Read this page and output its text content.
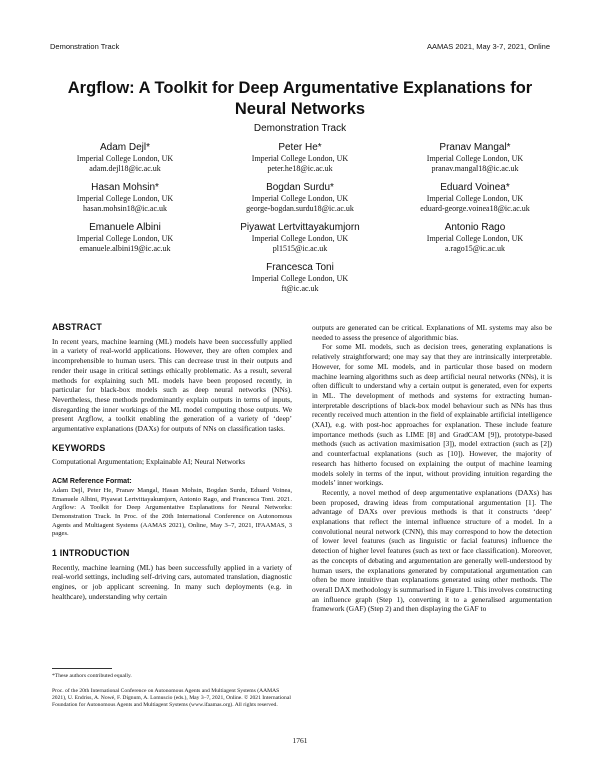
Demonstration Track	AAMAS 2021, May 3-7, 2021, Online
Argflow: A Toolkit for Deep Argumentative Explanations for Neural Networks
Demonstration Track
Adam Dejl*
Imperial College London, UK
adam.dejl18@ic.ac.uk
Peter He*
Imperial College London, UK
peter.he18@ic.ac.uk
Pranav Mangal*
Imperial College London, UK
pranav.mangal18@ic.ac.uk
Hasan Mohsin*
Imperial College London, UK
hasan.mohsin18@ic.ac.uk
Bogdan Surdu*
Imperial College London, UK
george-bogdan.surdu18@ic.ac.uk
Eduard Voinea*
Imperial College London, UK
eduard-george.voinea18@ic.ac.uk
Emanuele Albini
Imperial College London, UK
emanuele.albini19@ic.ac.uk
Piyawat Lertvittayakumjorn
Imperial College London, UK
pl1515@ic.ac.uk
Antonio Rago
Imperial College London, UK
a.rago15@ic.ac.uk
Francesca Toni
Imperial College London, UK
ft@ic.ac.uk
ABSTRACT

In recent years, machine learning (ML) models have been successfully applied in a variety of real-world applications. However, they are often complex and incomprehensible to human users. This can decrease trust in their outputs and render their usage in critical settings ethically problematic. As a result, several methods for explaining such ML models have been proposed recently, in particular for black-box models such as deep neural networks (NNs). Nevertheless, these methods predominantly explain outputs in terms of inputs, disregarding the inner workings of the ML model computing those outputs. We present Argflow, a toolkit enabling the generation of a variety of ‘deep’ argumentative explanations (DAXs) for outputs of NNs on classification tasks.

KEYWORDS

Computational Argumentation; Explainable AI; Neural Networks

ACM Reference Format:

Adam Dejl, Peter He, Pranav Mangal, Hasan Mohsin, Bogdan Surdu, Eduard Voinea, Emanuele Albini, Piyawat Lertvittayakumjorn, Antonio Rago, and Francesca Toni. 2021. Argflow: A Toolkit for Deep Argumentative Explanations for Neural Networks: Demonstration Track. In Proc. of the 20th International Conference on Autonomous Agents and Multiagent Systems (AAMAS 2021), Online, May 3–7, 2021, IFAAMAS, 3 pages.

1 INTRODUCTION

Recently, machine learning (ML) has been successfully applied in a variety of real-world settings, including self-driving cars, automated translation, diagnostic engines, or job applicant screening. In many such deployments (e.g. in healthcare), understanding why certain

*These authors contributed equally.
Proc. of the 20th International Conference on Autonomous Agents and Multiagent Systems (AAMAS 2021), U. Endriss, A. Nowé, F. Dignum, A. Lomuscio (eds.), May 3–7, 2021, Online. © 2021 International Foundation for Autonomous Agents and Multiagent Systems (www.ifaamas.org). All rights reserved.

outputs are generated can be critical. Explanations of ML systems may also be needed to assess the presence of algorithmic bias.

For some ML models, such as decision trees, generating explanations is relatively straightforward; one may say that they are intrinsically interpretable. However, for some ML models, and in particular those based on modern machine learning algorithms such as deep artificial neural networks (NNs), it is often difficult to understand why a certain output is generated, even for experts in ML. The development of methods and systems for extracting human-interpretable descriptions of black-box model behaviour such as NNs has thus recently received much attention in the field of explainable artificial intelligence (XAI), e.g. with post-hoc approaches for explanation. These include feature importance methods (such as LIME [8] and GradCAM [9]), prototype-based methods (such as activation maximisation [3]), model extraction (such as [2]) and counterfactual explanations (such as [10]). However, the majority of research has hitherto focused on explaining the output of machine learning models solely in terms of the input, without providing intuition regarding the models’ inner workings.

Recently, a novel method of deep argumentative explanations (DAXs) has been proposed, drawing ideas from computational argumentation [1]. The advantage of DAXs over previous methods is that it constructs ‘deep’ explanations that reflect the internal influence structure of a model. In a convolutional neural network (CNN), this may correspond to how the detection of lower level features (such as linguistic or facial features) influence the detection of higher level features (such as text or face classification). Moreover, as the concepts of debating and argumentation are generally well-understood by human users, the explanations generated by computational argumentation can often be more intuitive than explanations generated using other methods. The overall DAX methodology is summarised in Figure 1. This involves constructing an influence graph (Step 1), converting it to a generalised argumentation framework (GAF) (Step 2) and then displaying the GAF to

1761
